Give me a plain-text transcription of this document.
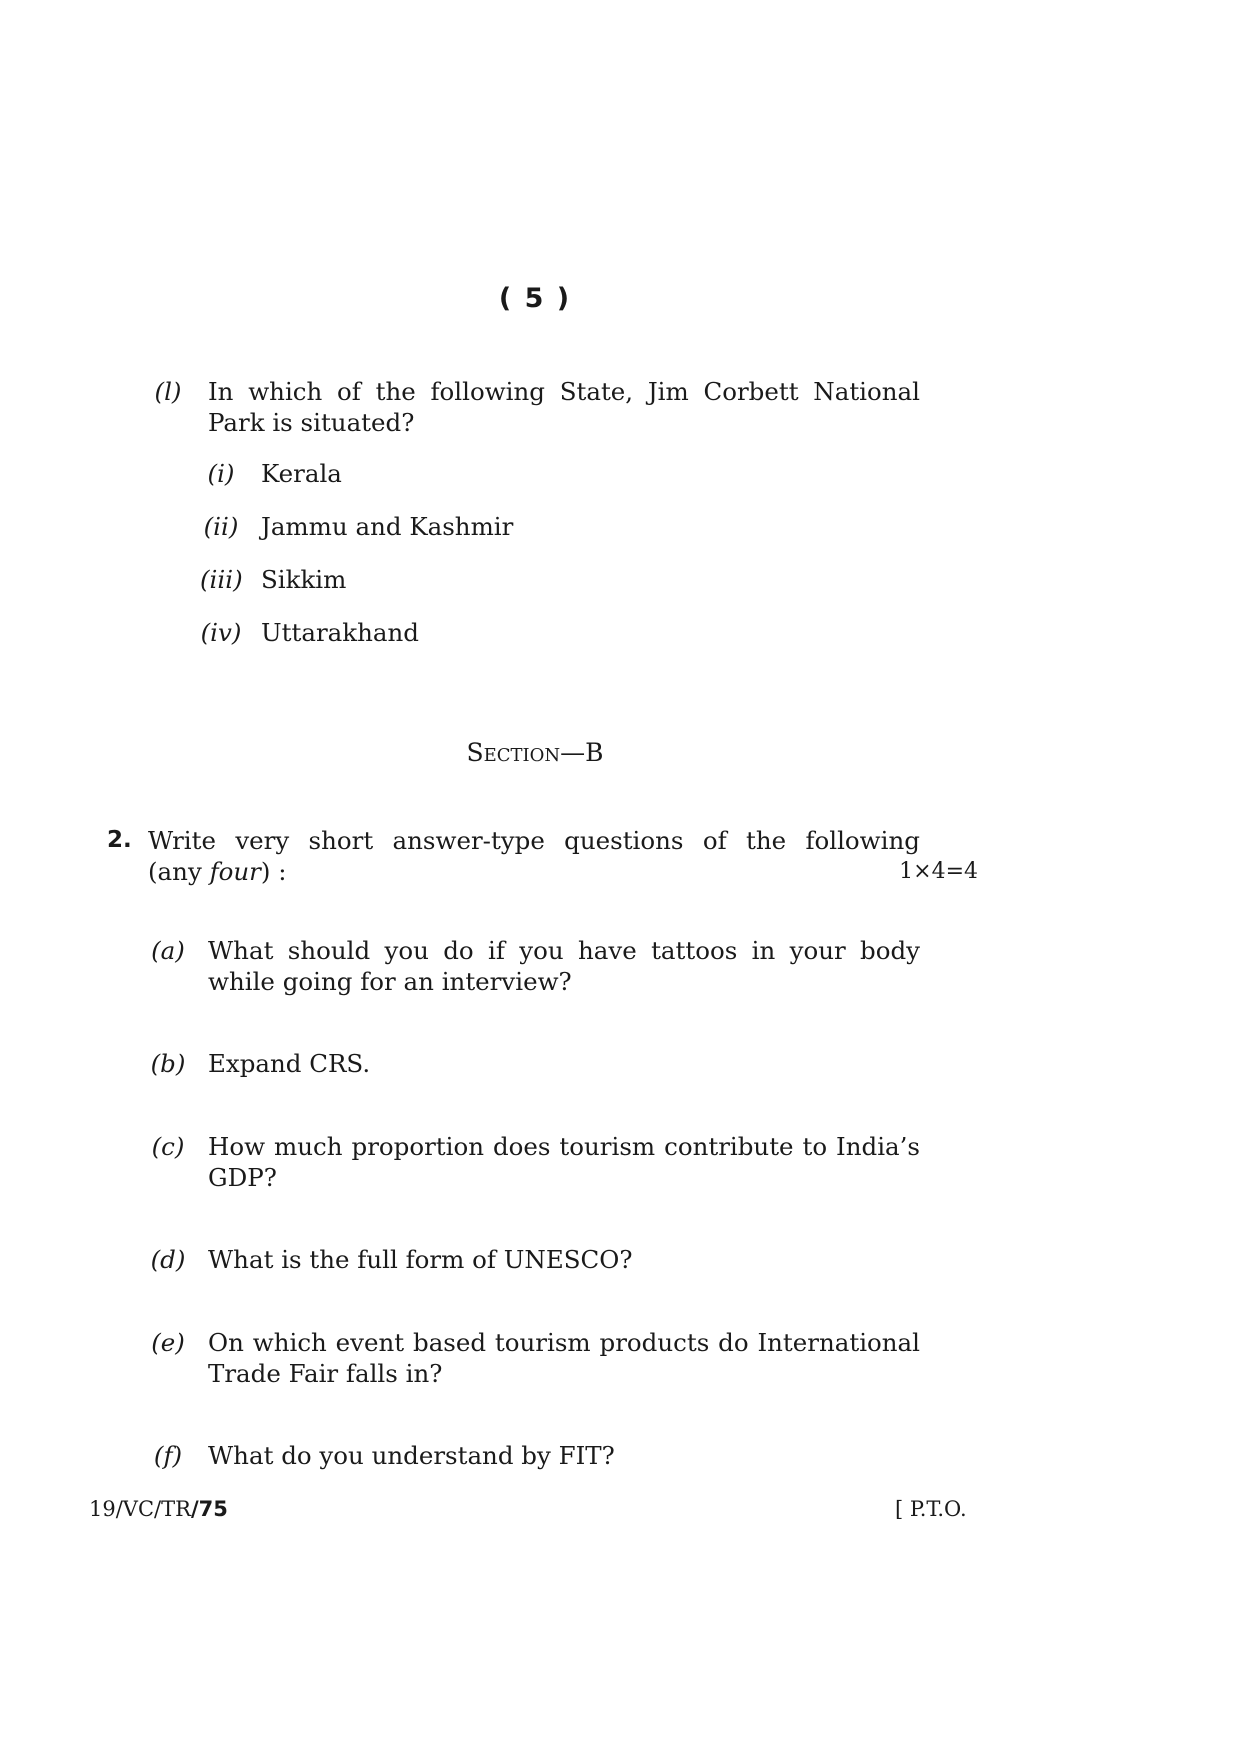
( 5 )
(l) In which of the following State, Jim Corbett National Park is situated?
(i)	Kerala
(ii) Jammu and Kashmir
(iii) Sikkim
(iv) Uttarakhand
Section—B
2. Write very short answer-type questions of the following
(any four) :	1×4=4
(a) What should you do if you have tattoos in your body while going for an interview?
(b) Expand CRS.
(c) How much proportion does tourism contribute to India’s GDP?
(d) What is the full form of UNESCO?
(e) On which event based tourism products do International Trade Fair falls in?
(f) What do you understand by FIT?
19/VC/TR/75	[ P.T.O.
